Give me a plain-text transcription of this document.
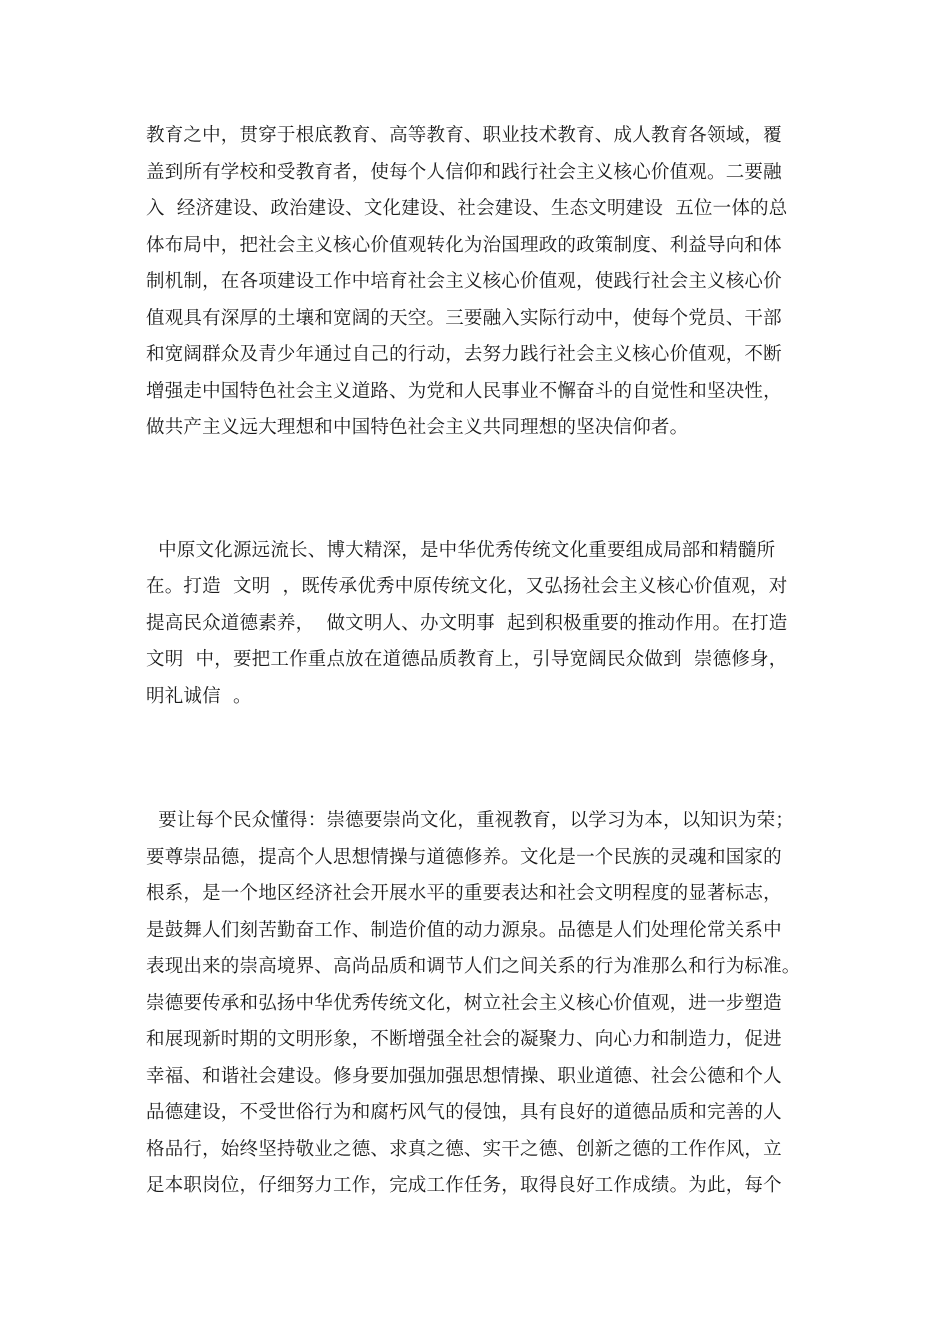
教育之中，贯穿于根底教育、高等教育、职业技术教育、成人教育各领域，覆
盖到所有学校和受教育者，使每个人信仰和践行社会主义核心价值观。二要融
入  经济建设、政治建设、文化建设、社会建设、生态文明建设  五位一体的总
体布局中，把社会主义核心价值观转化为治国理政的政策制度、利益导向和体
制机制，在各项建设工作中培育社会主义核心价值观，使践行社会主义核心价
值观具有深厚的土壤和宽阔的天空。三要融入实际行动中，使每个党员、干部
和宽阔群众及青少年通过自己的行动，去努力践行社会主义核心价值观，不断
增强走中国特色社会主义道路、为党和人民事业不懈奋斗的自觉性和坚决性，
做共产主义远大理想和中国特色社会主义共同理想的坚决信仰者。
中原文化源远流长、博大精深，是中华优秀传统文化重要组成局部和精髓所
在。打造  文明  ，既传承优秀中原传统文化，又弘扬社会主义核心价值观，对
提高民众道德素养，  做文明人、办文明事  起到积极重要的推动作用。在打造
文明  中，要把工作重点放在道德品质教育上，引导宽阔民众做到  崇德修身，
明礼诚信  。
要让每个民众懂得：崇德要崇尚文化，重视教育，以学习为本，以知识为荣；
要尊崇品德，提高个人思想情操与道德修养。文化是一个民族的灵魂和国家的
根系，是一个地区经济社会开展水平的重要表达和社会文明程度的显著标志，
是鼓舞人们刻苦勤奋工作、制造价值的动力源泉。品德是人们处理伦常关系中
表现出来的崇高境界、高尚品质和调节人们之间关系的行为准那么和行为标准。
崇德要传承和弘扬中华优秀传统文化，树立社会主义核心价值观，进一步塑造
和展现新时期的文明形象，不断增强全社会的凝聚力、向心力和制造力，促进
幸福、和谐社会建设。修身要加强加强思想情操、职业道德、社会公德和个人
品德建设，不受世俗行为和腐朽风气的侵蚀，具有良好的道德品质和完善的人
格品行，始终坚持敬业之德、求真之德、实干之德、创新之德的工作作风，立
足本职岗位，仔细努力工作，完成工作任务，取得良好工作成绩。为此，每个
